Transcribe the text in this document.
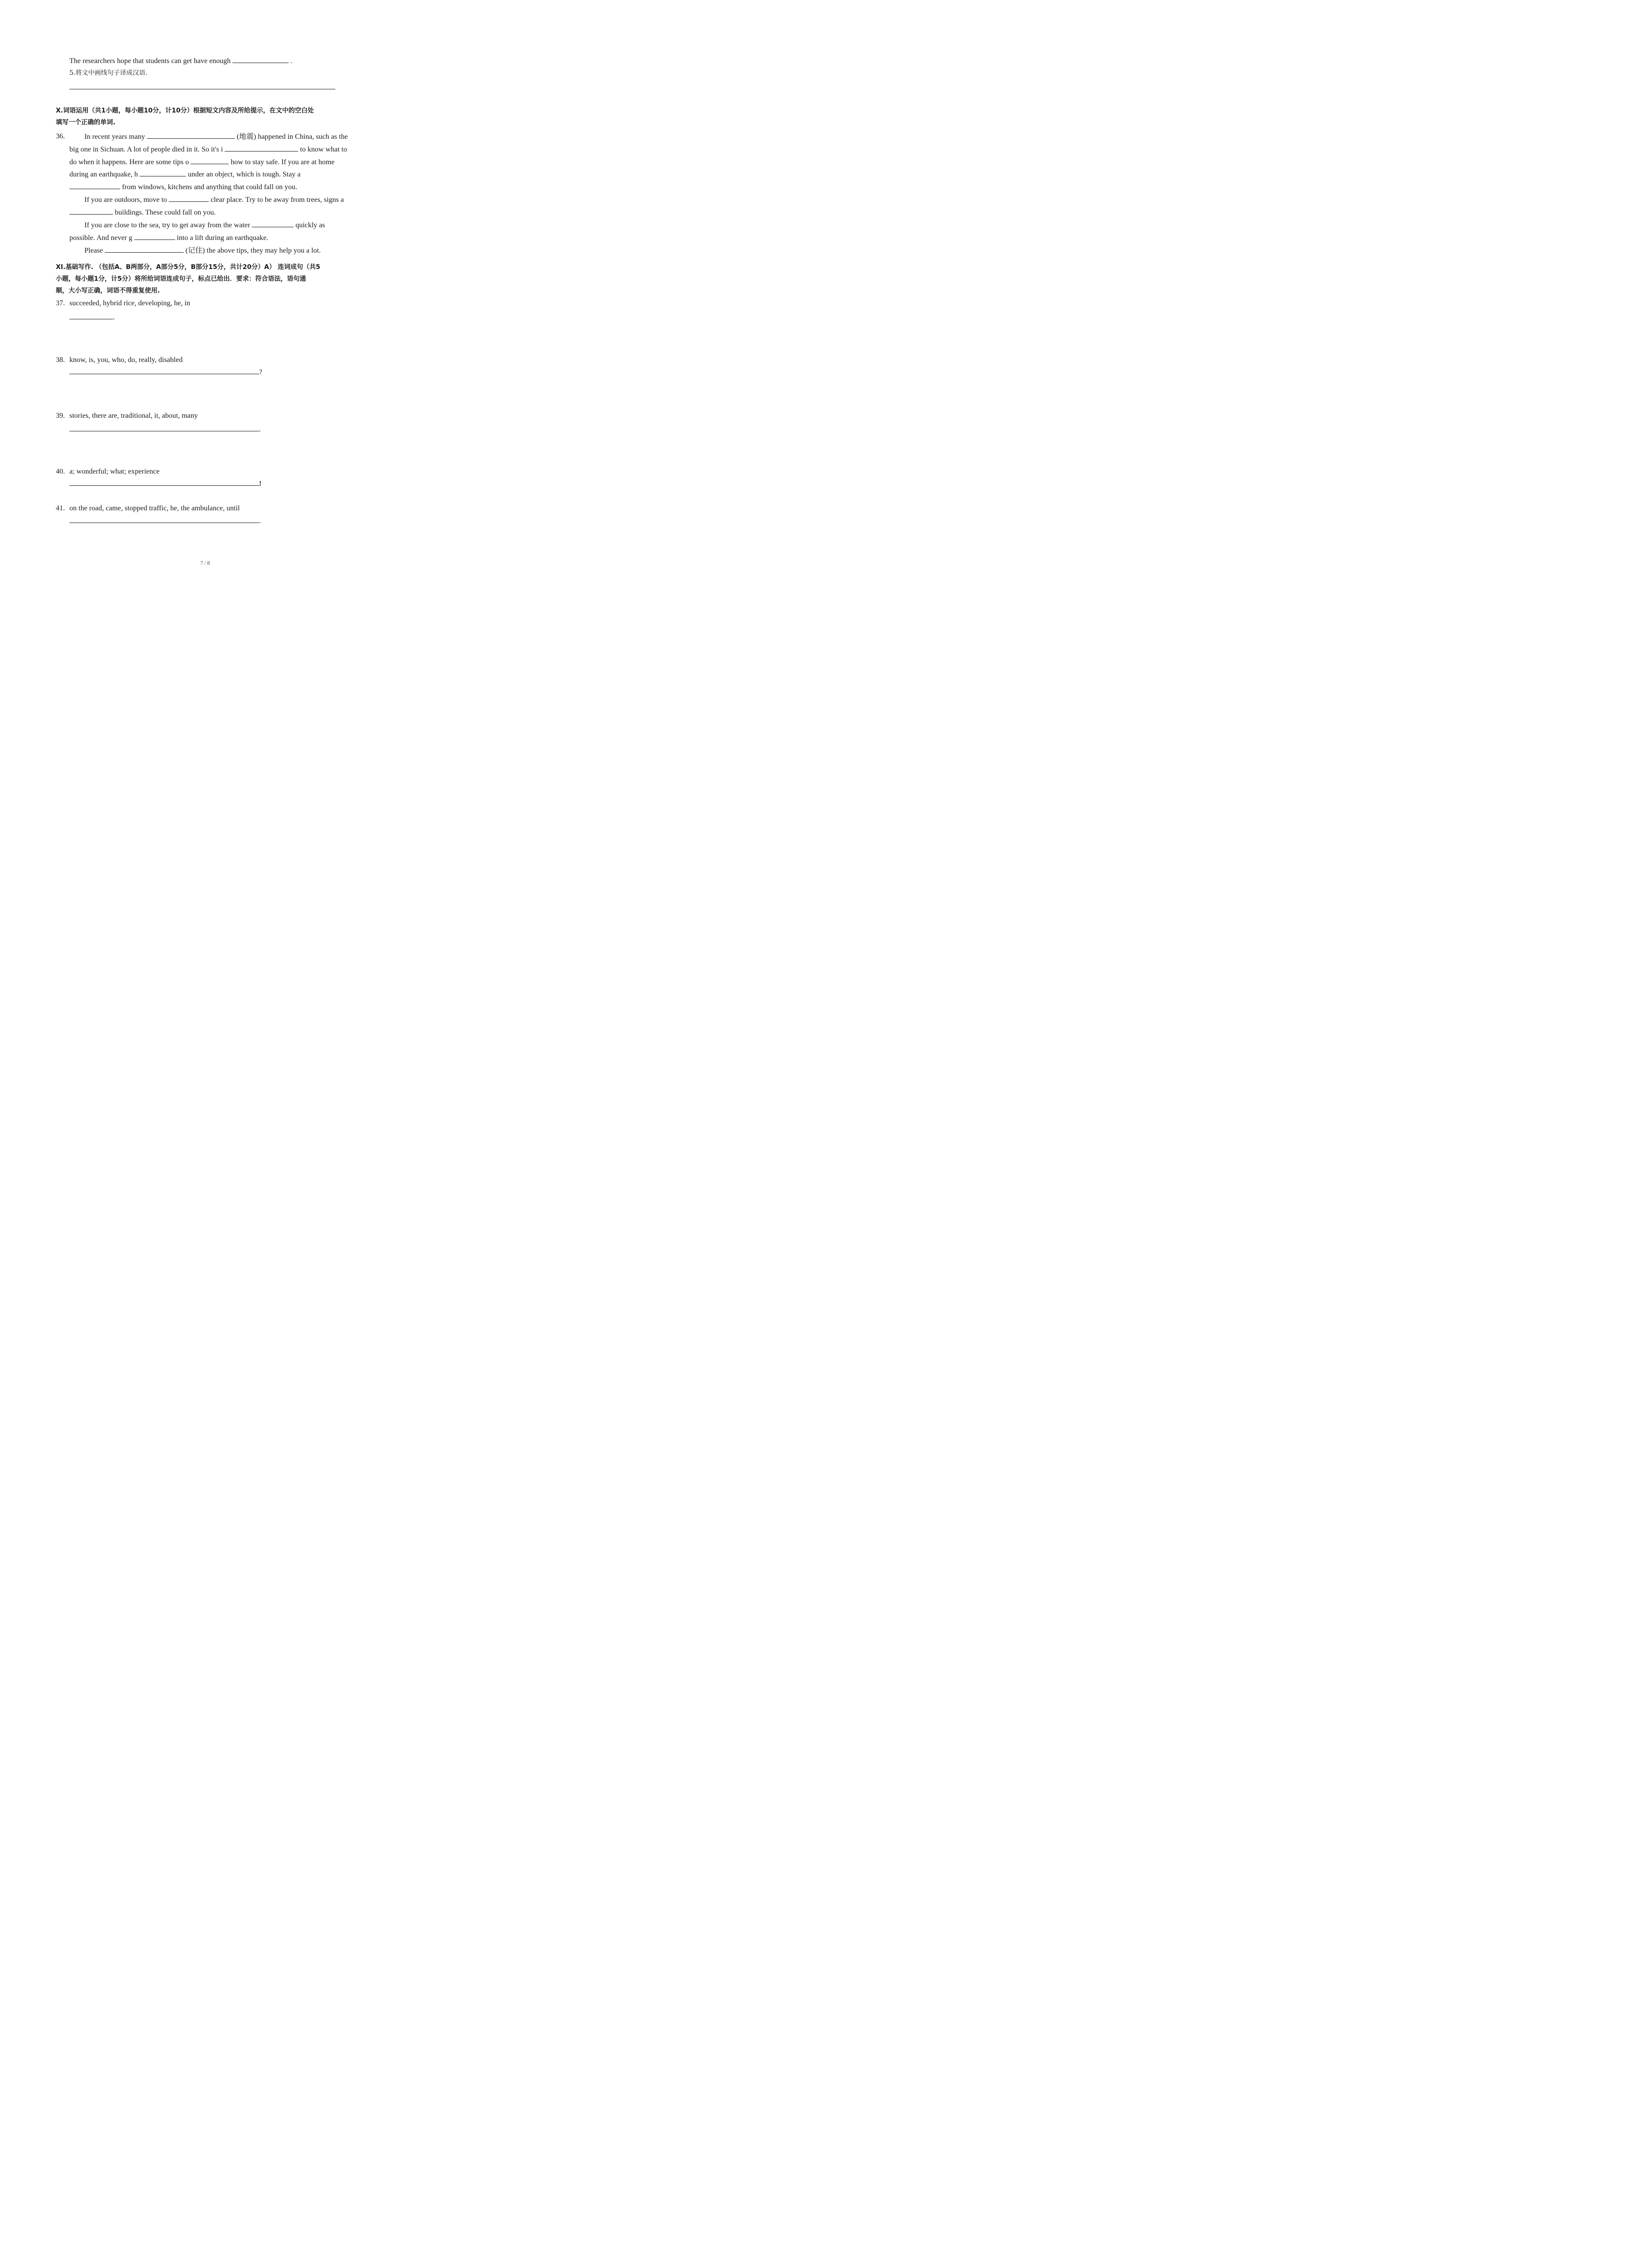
The researchers hope that students can get have enough	.
5.将文中画线句子译成汉语.
X.词语运用（共1小题，每小题10分，计10分）根据短文内容及所给提示，在文中的空白处
填写一个正确的单词.
36.	In recent years many	(地震) happened in China, such as the
big one in Sichuan. A lot of people died in it. So it's i	to know what to
do when it happens. Here are some tips o	how to stay safe. If you are at home
during an earthquake, h	under an object, which is tough. Stay a
from windows, kitchens and anything that could fall on you.
If you are outdoors, move to	clear place. Try to be away from trees, signs a
buildings. These could fall on you.
If you are close to the sea, try to get away from the water	quickly as
possible. And never g	into a lift during an earthquake.
Please	(记住) the above tips, they may help you a lot.
XI.基础写作. （包括A、B两部分，A部分5分，B部分15分，共计20分）A） 连词成句（共5
小题，每小题1分，计5分）将所给词语连成句子，标点已给出．要求：符合语法，语句通
顺，大小写正确，词语不得重复使用.
37. succeeded, hybrid rice, developing, he, in
.
38. know, is, you, who, do, really, disabled
?
39. stories, there are, traditional, it, about, many
.
40. a; wonderful; what; experience
!
41. on the road, came, stopped traffic, he, the ambulance, until
.
7 / 8
